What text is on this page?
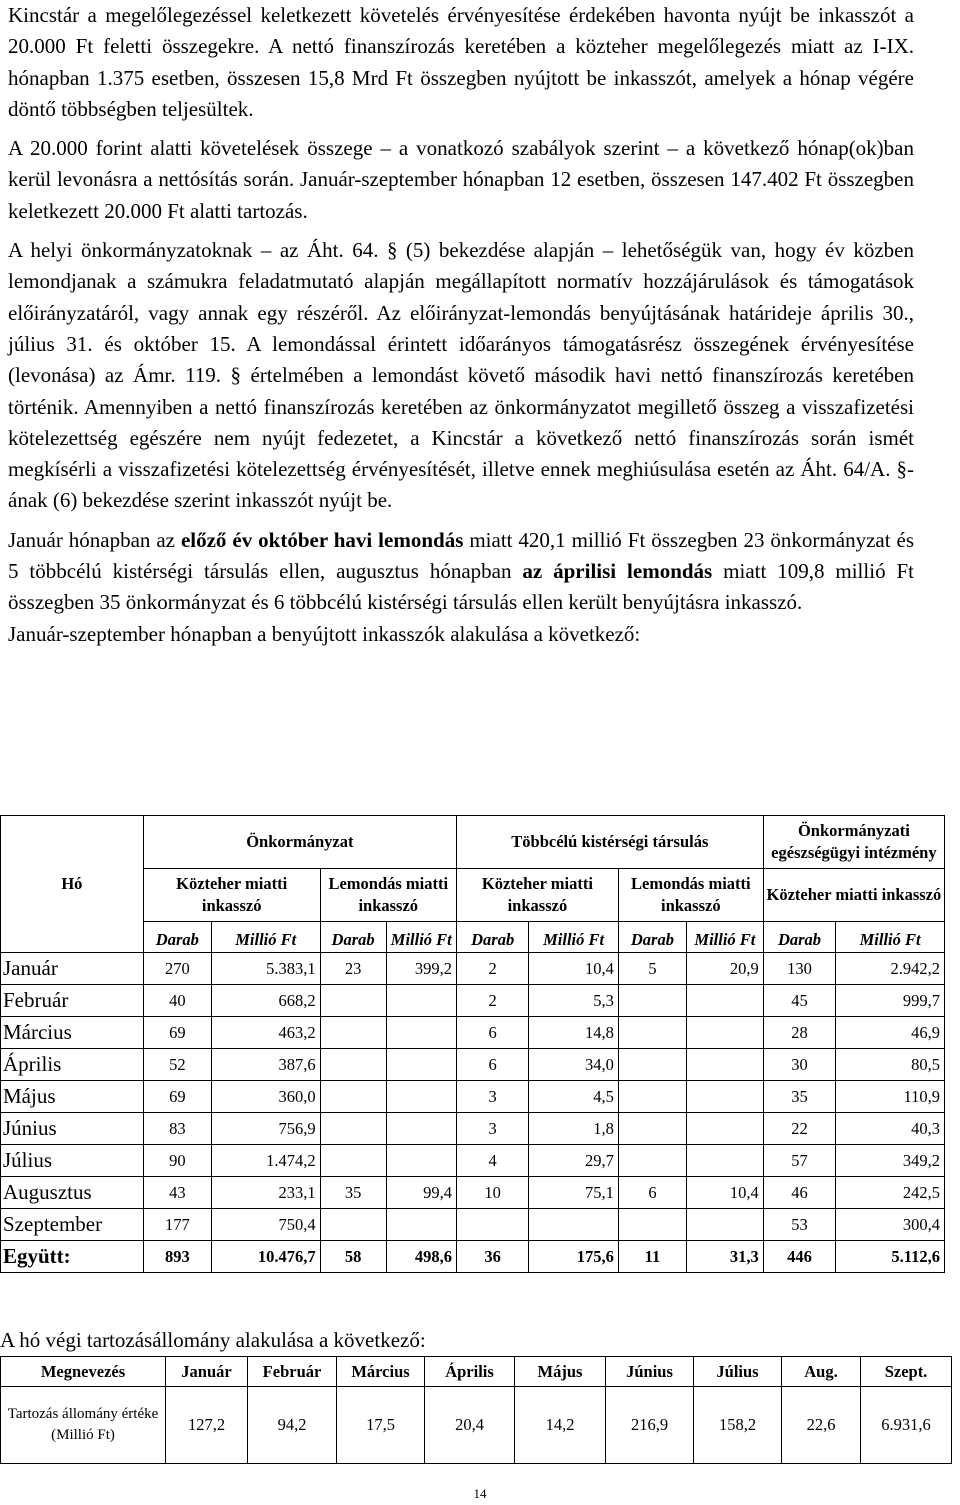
Kincstár a megelőlegezéssel keletkezett követelés érvényesítése érdekében havonta nyújt be inkasszót a 20.000 Ft feletti összegekre. A nettó finanszírozás keretében a közteher megelőlegezés miatt az I-IX. hónapban 1.375 esetben, összesen 15,8 Mrd Ft összegben nyújtott be inkasszót, amelyek a hónap végére döntő többségben teljesültek.

A 20.000 forint alatti követelések összege – a vonatkozó szabályok szerint – a következő hónap(ok)ban kerül levonásra a nettósítás során. Január-szeptember hónapban 12 esetben, összesen 147.402 Ft összegben keletkezett 20.000 Ft alatti tartozás.

A helyi önkormányzatoknak – az Áht. 64. § (5) bekezdése alapján – lehetőségük van, hogy év közben lemondjanak a számukra feladatmutató alapján megállapított normatív hozzájárulások és támogatások előirányzatáról, vagy annak egy részéről. Az előirányzat-lemondás benyújtásának határideje április 30., július 31. és október 15. A lemondással érintett időarányos támogatásrész összegének érvényesítése (levonása) az Ámr. 119. § értelmében a lemondást követő második havi nettó finanszírozás keretében történik. Amennyiben a nettó finanszírozás keretében az önkormányzatot megillető összeg a visszafizetési kötelezettség egészére nem nyújt fedezetet, a Kincstár a következő nettó finanszírozás során ismét megkísérli a visszafizetési kötelezettség érvényesítését, illetve ennek meghiúsulása esetén az Áht. 64/A. §-ának (6) bekezdése szerint inkasszót nyújt be.

Január hónapban az előző év október havi lemondás miatt 420,1 millió Ft összegben 23 önkormányzat és 5 többcélú kistérségi társulás ellen, augusztus hónapban az áprilisi lemondás miatt 109,8 millió Ft összegben 35 önkormányzat és 6 többcélú kistérségi társulás ellen került benyújtásra inkasszó.

Január-szeptember hónapban a benyújtott inkasszók alakulása a következő:

Hó	Önkormányzat				Többcélú kistérségi társulás				Önkormányzati egészségügyi intézmény	
	Közteher miatti inkasszó		Lemondás miatti inkasszó		Közteher miatti inkasszó		Lemondás miatti inkasszó		Közteher miatti inkasszó	
	Darab	Millió Ft	Darab	Millió Ft	Darab	Millió Ft	Darab	Millió Ft	Darab	Millió Ft
Január	270	5.383,1	23	399,2	2	10,4	5	20,9	130	2.942,2
Február	40	668,2			2	5,3			45	999,7
Március	69	463,2			6	14,8			28	46,9
Április	52	387,6			6	34,0			30	80,5
Május	69	360,0			3	4,5			35	110,9
Június	83	756,9			3	1,8			22	40,3
Július	90	1.474,2			4	29,7			57	349,2
Augusztus	43	233,1	35	99,4	10	75,1	6	10,4	46	242,5
Szeptember	177	750,4							53	300,4
Együtt:	893	10.476,7	58	498,6	36	175,6	11	31,3	446	5.112,6

A hó végi tartozásállomány alakulása a következő:

Megnevezés	Január	Február	Március	Április	Május	Június	Július	Aug.	Szept.
Tartozás állomány értéke (Millió Ft)	127,2	94,2	17,5	20,4	14,2	216,9	158,2	22,6	6.931,6
14
